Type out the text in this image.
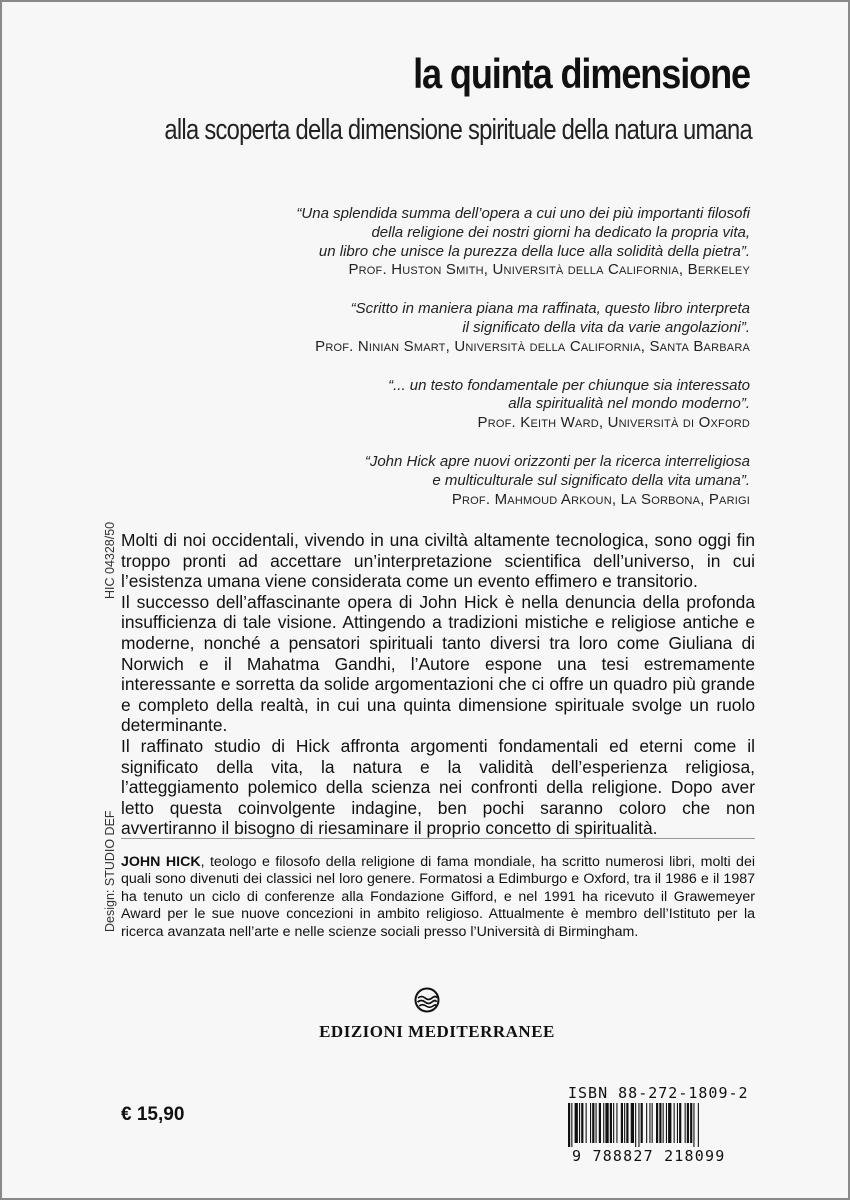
la quinta dimensione
alla scoperta della dimensione spirituale della natura umana
“Una splendida summa dell’opera a cui uno dei più importanti filosofi
della religione dei nostri giorni ha dedicato la propria vita,
un libro che unisce la purezza della luce alla solidità della pietra”.
Prof. Huston Smith, Università della California, Berkeley
“Scritto in maniera piana ma raffinata, questo libro interpreta
il significato della vita da varie angolazioni”.
Prof. Ninian Smart, Università della California, Santa Barbara
“... un testo fondamentale per chiunque sia interessato
alla spiritualità nel mondo moderno”.
Prof. Keith Ward, Università di Oxford
“John Hick apre nuovi orizzonti per la ricerca interreligiosa
e multiculturale sul significato della vita umana”.
Prof. Mahmoud Arkoun, La Sorbona, Parigi
HIC 04328/50
Design: STUDIO DEF

Molti di noi occidentali, vivendo in una civiltà altamente tecnologica, sono oggi fin troppo pronti ad accettare un’interpretazione scientifica dell’universo, in cui l’esistenza umana viene considerata come un evento effimero e transitorio.

Il successo dell’affascinante opera di John Hick è nella denuncia della profonda insufficienza di tale visione. Attingendo a tradizioni mistiche e religiose antiche e moderne, nonché a pensatori spirituali tanto diversi tra loro come Giuliana di Norwich e il Mahatma Gandhi, l’Autore espone una tesi estremamente interessante e sorretta da solide argomentazioni che ci offre un quadro più grande e completo della realtà, in cui una quinta dimensione spirituale svolge un ruolo determinante.

Il raffinato studio di Hick affronta argomenti fondamentali ed eterni come il significato della vita, la natura e la validità dell’esperienza religiosa, l’atteggiamento polemico della scienza nei confronti della religione. Dopo aver letto questa coinvolgente indagine, ben pochi saranno coloro che non avvertiranno il bisogno di riesaminare il proprio concetto di spiritualità.

JOHN HICK, teologo e filosofo della religione di fama mondiale, ha scritto numerosi libri, molti dei quali sono divenuti dei classici nel loro genere. Formatosi a Edimburgo e Oxford, tra il 1986 e il 1987 ha tenuto un ciclo di conferenze alla Fondazione Gifford, e nel 1991 ha ricevuto il Grawemeyer Award per le sue nuove concezioni in ambito religioso. Attualmente è membro dell’Istituto per la ricerca avanzata nell’arte e nelle scienze sociali presso l’Università di Birmingham.
EDIZIONI MEDITERRANEE
€ 15,90
ISBN 88-272-1809-2
9 788827 218099
